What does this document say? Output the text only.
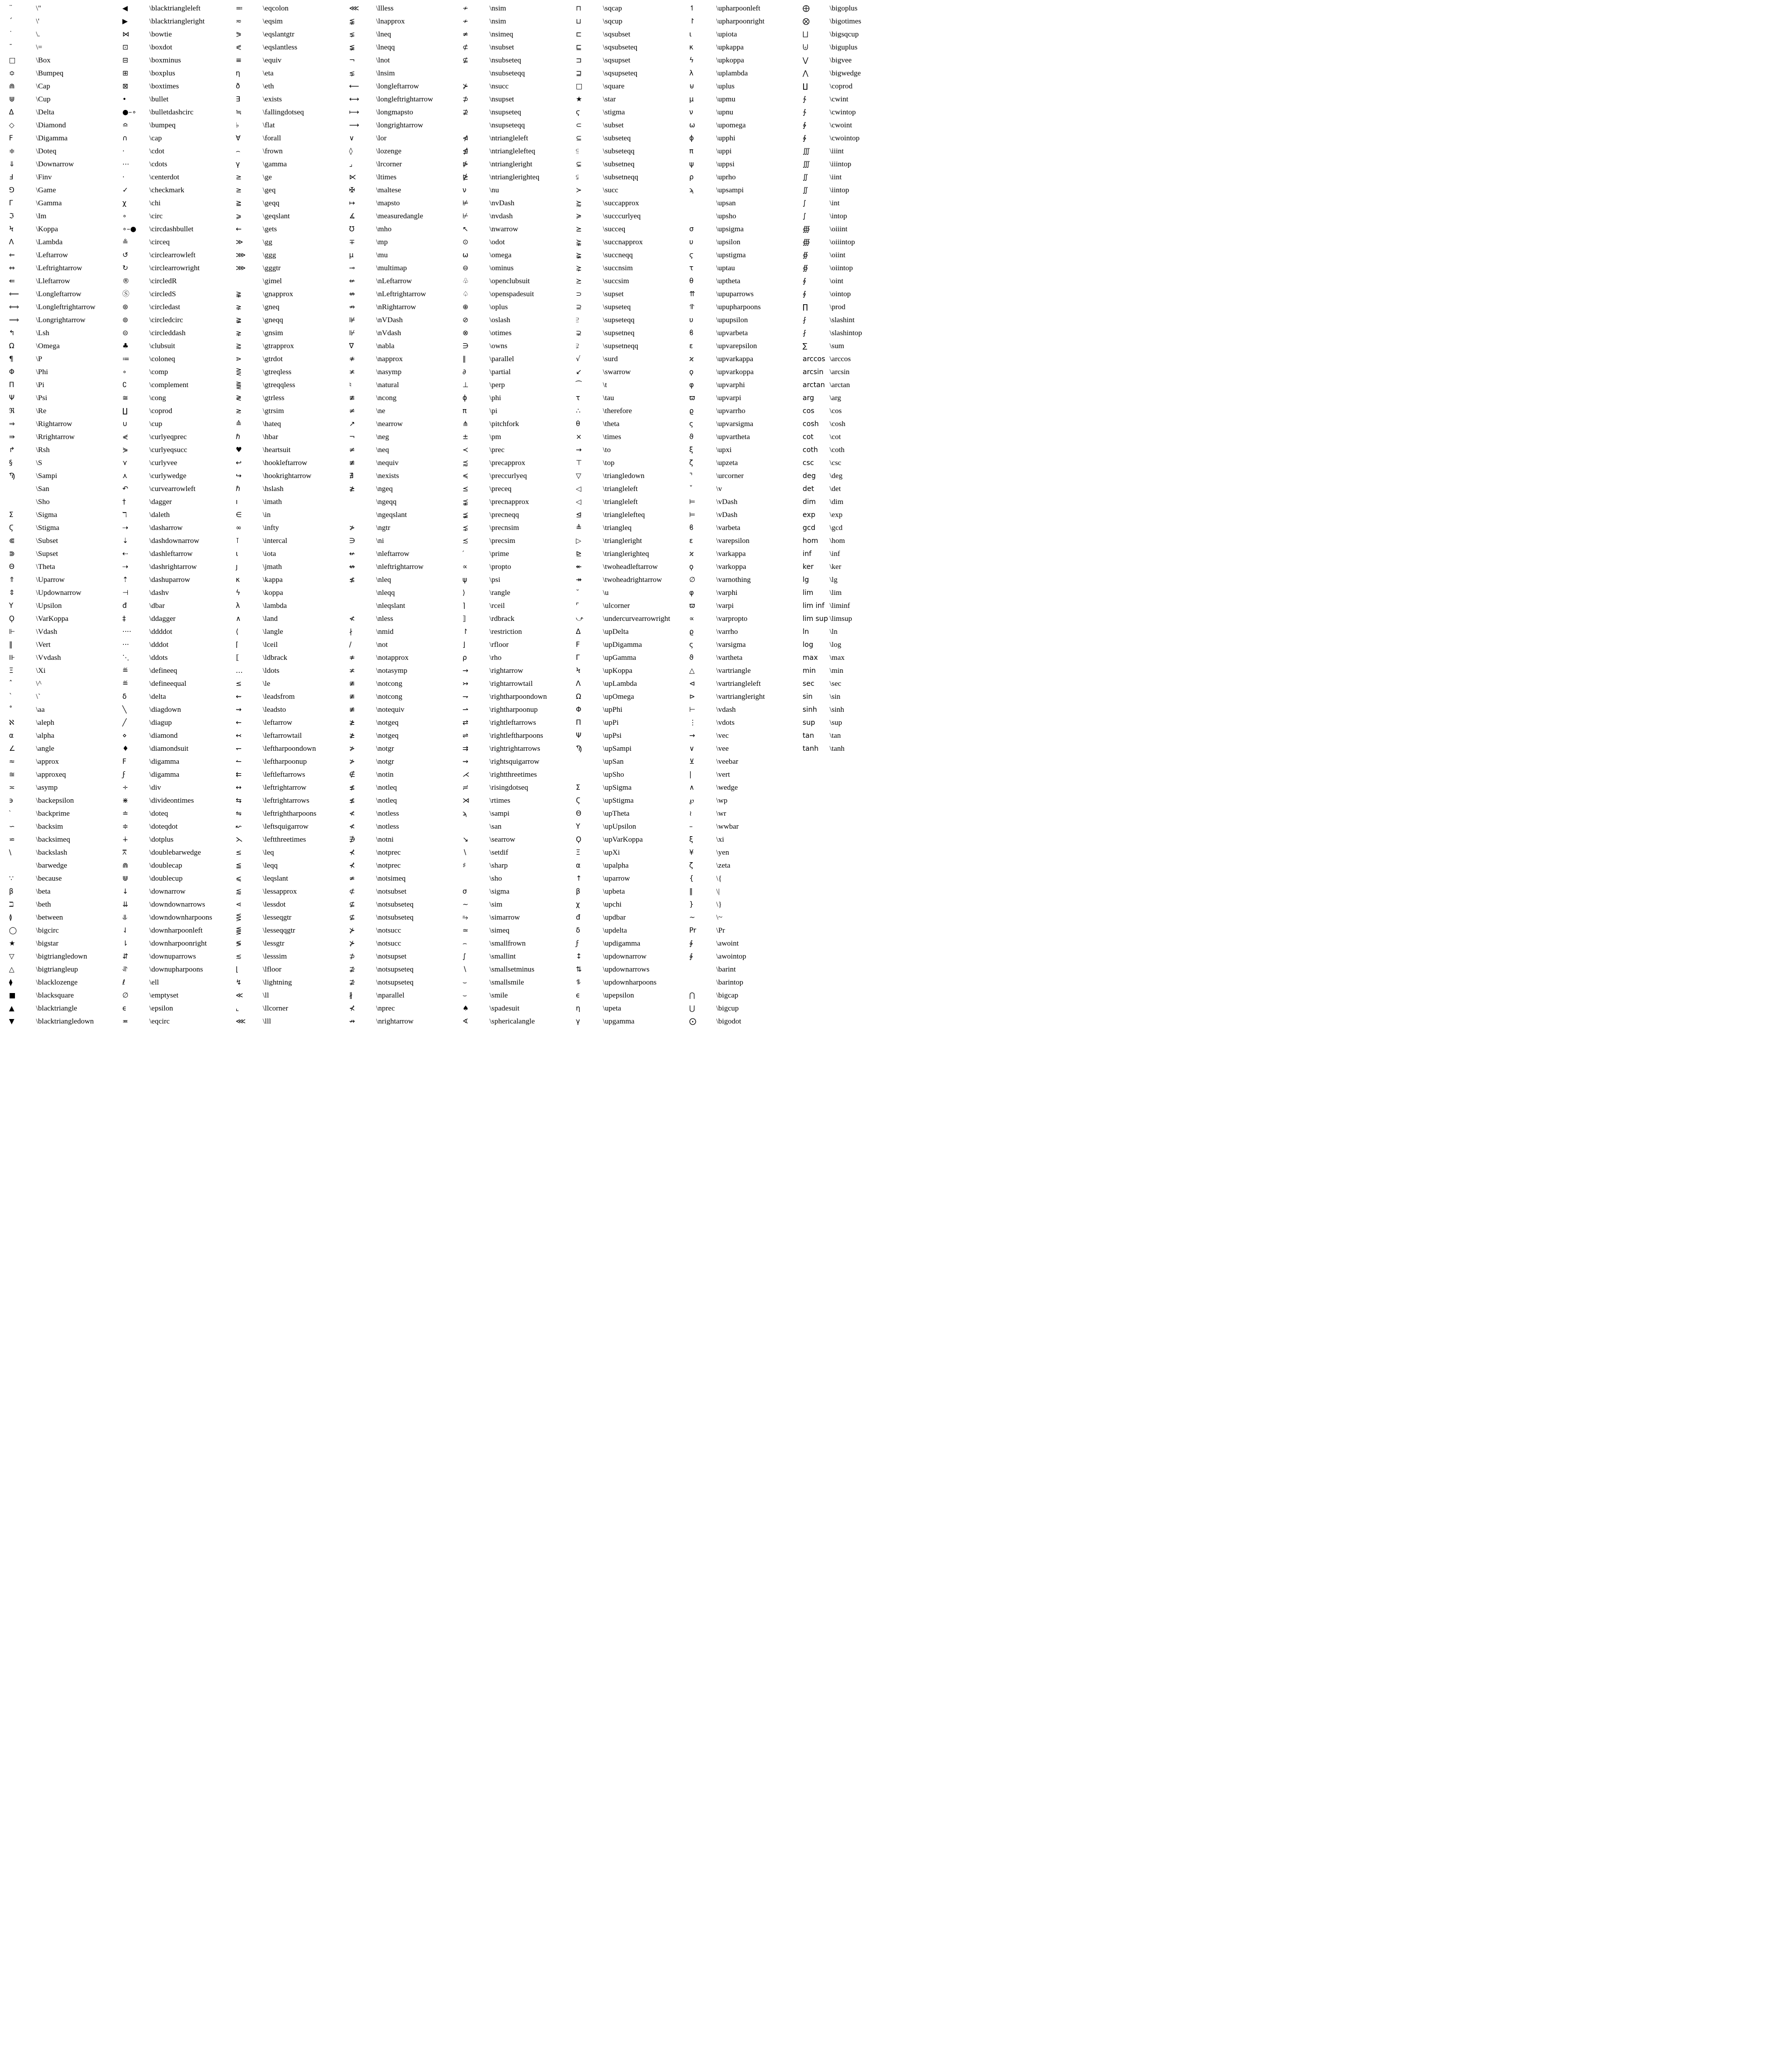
¨	\"
´	\'
˙	\.
¯	\=
□	\Box
≎	\Bumpeq
⋒	\Cap
⋓	\Cup
Δ	\Delta
◇	\Diamond
Ϝ	\Digamma
≑	\Doteq
⇓	\Downarrow
Ⅎ	\Finv
⅁	\Game
Γ	\Gamma
ℑ	\Im
Ϟ	\Koppa
Λ	\Lambda
⇐	\Leftarrow
⇔	\Leftrightarrow
⇚	\Lleftarrow
⟸	\Longleftarrow
⟺	\Longleftrightarrow
⟹	\Longrightarrow
↰	\Lsh
Ω	\Omega
¶	\P
Φ	\Phi
Π	\Pi
Ψ	\Psi
ℜ	\Re
⇒	\Rightarrow
⇛	\Rrightarrow
↱	\Rsh
§	\S
Ϡ	\Sampi
\San
\Sho
Σ	\Sigma
Ϛ	\Stigma
⋐	\Subset
⋑	\Supset
Θ	\Theta
⇑	\Uparrow
⇕	\Updownarrow
Υ	\Upsilon
Ϙ	\VarKoppa
⊩	\Vdash
‖	\Vert
⊪	\Vvdash
Ξ	\Xi
ˆ	\^
`	\`
˚	\aa
ℵ	\aleph
α	\alpha
∠	\angle
≈	\approx
≊	\approxeq
≍	\asymp
϶	\backepsilon
‵	\backprime
∽	\backsim
⋍	\backsimeq
\	\backslash
\barwedge
∵	\because
β	\beta
ℶ	\beth
≬	\between
◯	\bigcirc
★	\bigstar
▽	\bigtriangledown
△	\bigtriangleup
⧫	\blacklozenge
■	\blacksquare
▲	\blacktriangle
▼	\blacktriangledown
◀	\blacktriangleleft
▶	\blacktriangleright
⋈	\bowtie
⊡	\boxdot
⊟	\boxminus
⊞	\boxplus
⊠	\boxtimes
•	\bullet
●–∘	\bulletdashcirc
≏	\bumpeq
∩	\cap
⋅	\cdot
⋯	\cdots
·	\centerdot
✓	\checkmark
χ	\chi
∘	\circ
∘–●	\circdashbullet
≗	\circeq
↺	\circlearrowleft
↻	\circlearrowright
®	\circledR
Ⓢ	\circledS
⊛	\circledast
⊚	\circledcirc
⊝	\circleddash
♣	\clubsuit
≔	\coloneq
∘	\comp
∁	\complement
≅	\cong
∐	\coprod
∪	\cup
⋞	\curlyeqprec
⋟	\curlyeqsucc
⋎	\curlyvee
⋏	\curlywedge
↶	\curvearrowleft
†	\dagger
ℸ	\daleth
⇢	\dasharrow
⇣	\dashdownarrow
⇠	\dashleftarrow
⇢	\dashrightarrow
⇡	\dashuparrow
⊣	\dashv
đ	\dbar
‡	\ddagger
····	\ddddot
···	\dddot
⋱	\ddots
≝	\defineeq
≝	\defineequal
δ	\delta
╲	\diagdown
╱	\diagup
⋄	\diamond
♦	\diamondsuit
Ϝ	\digamma
ϝ	\digamma
÷	\div
⋇	\divideontimes
≐	\doteq
≑	\doteqdot
∔	\dotplus
⩞	\doublebarwedge
⋒	\doublecap
⋓	\doublecup
↓	\downarrow
⇊	\downdownarrows
⥥	\downdownharpoons
⇃	\downharpoonleft
⇂	\downharpoonright
⇵	\downuparrows
⥯	\downupharpoons
ℓ	\ell
∅	\emptyset
ϵ	\epsilon
≖	\eqcirc
≕	\eqcolon
≂	\eqsim
⪖	\eqslantgtr
⪕	\eqslantless
≡	\equiv
η	\eta
ð	\eth
∃	\exists
≒	\fallingdotseq
♭	\flat
∀	\forall
⌢	\frown
γ	\gamma
≥	\ge
≥	\geq
≧	\geqq
⩾	\geqslant
←	\gets
≫	\gg
⋙	\ggg
⋙	\gggtr
\gimel
⪊	\gnapprox
⪈	\gneq
≩	\gneqq
⋧	\gnsim
⪆	\gtrapprox
⋗	\gtrdot
⋛	\gtreqless
⪌	\gtreqqless
≷	\gtrless
≳	\gtrsim
≙	\hateq
ℏ	\hbar
♥	\heartsuit
↩	\hookleftarrow
↪	\hookrightarrow
ℏ	\hslash
ı	\imath
∈	\in
∞	\infty
⊺	\intercal
ι	\iota
ȷ	\jmath
κ	\kappa
ϟ	\koppa
λ	\lambda
∧	\land
⟨	\langle
⌈	\lceil
⟦	\ldbrack
…	\ldots
≤	\le
⇜	\leadsfrom
⇝	\leadsto
←	\leftarrow
↢	\leftarrowtail
↽	\leftharpoondown
↼	\leftharpoonup
⇇	\leftleftarrows
↔	\leftrightarrow
⇆	\leftrightarrows
⇋	\leftrightharpoons
↜	\leftsquigarrow
⋋	\leftthreetimes
≤	\leq
≦	\leqq
⩽	\leqslant
⪅	\lessapprox
⋖	\lessdot
⋚	\lesseqgtr
⪋	\lesseqqgtr
≶	\lessgtr
≲	\lesssim
⌊	\lfloor
↯	\lightning
≪	\ll
⌞	\llcorner
⋘	\lll
⋘	\llless
⪉	\lnapprox
⪇	\lneq
≨	\lneqq
¬	\lnot
⋦	\lnsim
⟵	\longleftarrow
⟷	\longleftrightarrow
⟼	\longmapsto
⟶	\longrightarrow
∨	\lor
◊	\lozenge
⌟	\lrcorner
⋉	\ltimes
✠	\maltese
↦	\mapsto
∡	\measuredangle
℧	\mho
∓	\mp
μ	\mu
⊸	\multimap
⇍	\nLeftarrow
⇎	\nLeftrightarrow
⇏	\nRightarrow
⊯	\nVDash
⊮	\nVdash
∇	\nabla
≉	\napprox
≭	\nasymp
♮	\natural
≇	\ncong
≠	\ne
↗	\nearrow
¬	\neg
≠	\neq
≢	\nequiv
∄	\nexists
≱	\ngeq
\ngeqq
\ngeqslant
≯	\ngtr
∋	\ni
↚	\nleftarrow
↮	\nleftrightarrow
≰	\nleq
\nleqq
\nleqslant
≮	\nless
∤	\nmid
/	\not
≉	\notapprox
≭	\notasymp
≇	\notcong
≇	\notcong
≢	\notequiv
≱	\notgeq
≱	\notgeq
≯	\notgr
≯	\notgr
∉	\notin
≰	\notleq
≰	\notleq
≮	\notless
≮	\notless
∌	\notni
⊀	\notprec
⊀	\notprec
≄	\notsimeq
⊄	\notsubset
⊈	\notsubseteq
⊈	\notsubseteq
⊁	\notsucc
⊁	\notsucc
⊅	\notsupset
⊉	\notsupseteq
⊉	\notsupseteq
∦	\nparallel
⊀	\nprec
↛	\nrightarrow
≁	\nsim
≁	\nsim
≄	\nsimeq
⊄	\nsubset
⊈	\nsubseteq
\nsubseteqq
⊁	\nsucc
⊅	\nsupset
⊉	\nsupseteq
\nsupseteqq
⋪	\ntriangleleft
⋬	\ntrianglelefteq
⋫	\ntriangleright
⋭	\ntrianglerighteq
ν	\nu
⊭	\nvDash
⊬	\nvdash
↖	\nwarrow
⊙	\odot
ω	\omega
⊖	\ominus
♧	\openclubsuit
♤	\openspadesuit
⊕	\oplus
⊘	\oslash
⊗	\otimes
∋	\owns
∥	\parallel
∂	\partial
⊥	\perp
ϕ	\phi
π	\pi
⋔	\pitchfork
±	\pm
≺	\prec
⪷	\precapprox
≼	\preccurlyeq
⪯	\preceq
⪹	\precnapprox
⪵	\precneqq
⋨	\precnsim
≾	\precsim
′	\prime
∝	\propto
ψ	\psi
⟩	\rangle
⌉	\rceil
⟧	\rdbrack
↾	\restriction
⌋	\rfloor
ρ	\rho
→	\rightarrow
↣	\rightarrowtail
⇁	\rightharpoondown
⇀	\rightharpoonup
⇄	\rightleftarrows
⇌	\rightleftharpoons
⇉	\rightrightarrows
⇝	\rightsquigarrow
⋌	\rightthreetimes
≓	\risingdotseq
⋊	\rtimes
ϡ	\sampi
\san
↘	\searrow
∖	\setdif
♯	\sharp
\sho
σ	\sigma
∼	\sim
⥲	\simarrow
≃	\simeq
⌢	\smallfrown
∫	\smallint
∖	\smallsetminus
⌣	\smallsmile
⌣	\smile
♠	\spadesuit
∢	\sphericalangle
⊓	\sqcap
⊔	\sqcup
⊏	\sqsubset
⊑	\sqsubseteq
⊐	\sqsupset
⊒	\sqsupseteq
□	\square
★	\star
ϛ	\stigma
⊂	\subset
⊆	\subseteq
⫅	\subseteqq
⊊	\subsetneq
⫋	\subsetneqq
≻	\succ
⪸	\succapprox
≽	\succcurlyeq
⪰	\succeq
⪺	\succnapprox
⪶	\succneqq
⋩	\succnsim
≿	\succsim
⊃	\supset
⊇	\supseteq
⫆	\supseteqq
⊋	\supsetneq
⫌	\supsetneqq
√	\surd
↙	\swarrow
⁀	\t
τ	\tau
∴	\therefore
θ	\theta
×	\times
→	\to
⊤	\top
▽	\triangledown
◁	\triangleleft
◁	\triangleleft
⊴	\trianglelefteq
≜	\triangleq
▷	\triangleright
⊵	\trianglerighteq
↞	\twoheadleftarrow
↠	\twoheadrightarrow
˘	\u
⌜	\ulcorner
⤻	\undercurvearrowright
Δ	\upDelta
Ϝ	\upDigamma
Γ	\upGamma
Ϟ	\upKoppa
Λ	\upLambda
Ω	\upOmega
Φ	\upPhi
Π	\upPi
Ψ	\upPsi
Ϡ	\upSampi
\upSan
\upSho
Σ	\upSigma
Ϛ	\upStigma
Θ	\upTheta
Υ	\upUpsilon
Ϙ	\upVarKoppa
Ξ	\upXi
α	\upalpha
↑	\uparrow
β	\upbeta
χ	\upchi
đ	\updbar
δ	\updelta
ϝ	\updigamma
↕	\updownarrow
⇅	\updownarrows
⥮	\updownharpoons
ϵ	\upepsilon
η	\upeta
γ	\upgamma
↿	\upharpoonleft
↾	\upharpoonright
ι	\upiota
κ	\upkappa
ϟ	\upkoppa
λ	\uplambda
⊎	\uplus
μ	\upmu
ν	\upnu
ω	\upomega
ϕ	\upphi
π	\uppi
ψ	\uppsi
ρ	\uprho
ϡ	\upsampi
\upsan
\upsho
σ	\upsigma
υ	\upsilon
ϛ	\upstigma
τ	\uptau
θ	\uptheta
⇈	\upuparrows
⥣	\upupharpoons
υ	\upupsilon
ϐ	\upvarbeta
ε	\upvarepsilon
ϰ	\upvarkappa
ϙ	\upvarkoppa
φ	\upvarphi
ϖ	\upvarpi
ϱ	\upvarrho
ς	\upvarsigma
ϑ	\upvartheta
ξ	\upxi
ζ	\upzeta
⌝	\urcorner
ˇ	\v
⊨	\vDash
⊨	\vDash
ϐ	\varbeta
ε	\varepsilon
ϰ	\varkappa
ϙ	\varkoppa
∅	\varnothing
φ	\varphi
ϖ	\varpi
∝	\varpropto
ϱ	\varrho
ς	\varsigma
ϑ	\vartheta
△	\vartriangle
⊲	\vartriangleleft
⊳	\vartriangleright
⊢	\vdash
⋮	\vdots
→	\vec
∨	\vee
⊻	\veebar
|	\vert
∧	\wedge
℘	\wp
≀	\wr
–	\wwbar
ξ	\xi
¥	\yen
ζ	\zeta
{	\{
‖	\|
}	\}
~	\~
Pr	\Pr
∳	\awoint
∳	\awointop
\barint
\barintop
⋂	\bigcap
⋃	\bigcup
⨀	\bigodot
⨁	\bigoplus
⨂	\bigotimes
⨆	\bigsqcup
⨄	\biguplus
⋁	\bigvee
⋀	\bigwedge
∐	\coprod
∱	\cwint
∱	\cwintop
∲	\cwoint
∲	\cwointop
∭	\iiint
∭	\iiintop
∬	\iint
∬	\iintop
∫	\int
∫	\intop
∰	\oiiint
∰	\oiiintop
∯	\oiint
∯	\oiintop
∮	\oint
∮	\ointop
∏	\prod
⨏	\slashint
⨏	\slashintop
∑	\sum
arccos \arccos
arcsin \arcsin
arctan \arctan
arg	\arg
cos	\cos
cosh	\cosh
cot	\cot
coth	\coth
csc	\csc
deg	\deg
det	\det
dim	\dim
exp	\exp
gcd	\gcd
hom	\hom
inf	\inf
ker	\ker
lg	\lg
lim	\lim
lim inf \liminf
lim sup \limsup
ln	\ln
log	\log
max	\max
min	\min
sec	\sec
sin	\sin
sinh	\sinh
sup	\sup
tan	\tan
tanh	\tanh
